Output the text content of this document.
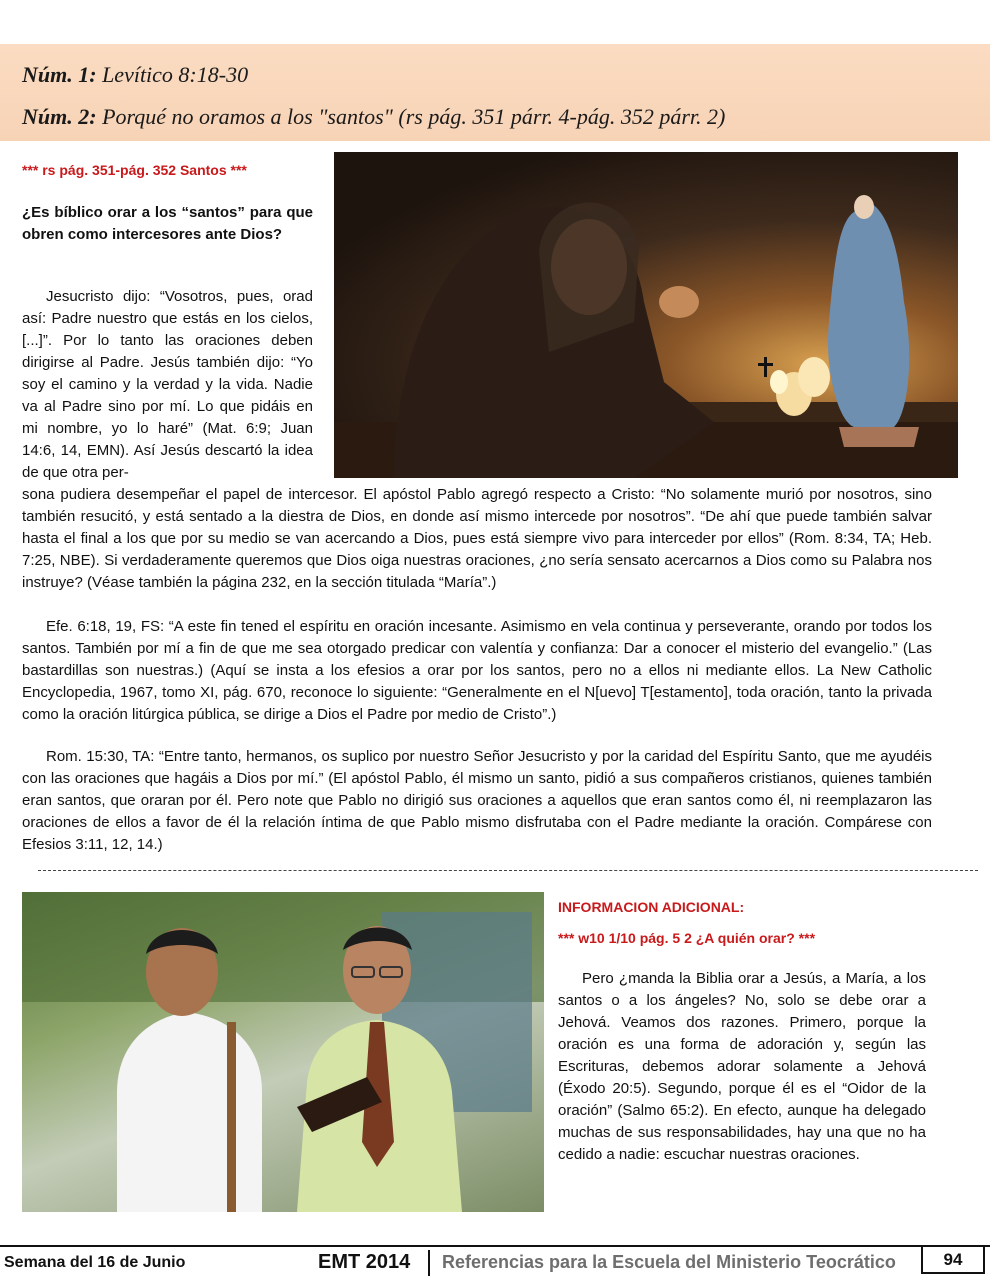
Núm. 1: Levítico 8:18-30
Núm. 2: Porqué no oramos a los "santos" (rs pág. 351 párr. 4-pág. 352 párr. 2)
*** rs pág. 351-pág. 352 Santos ***
¿Es bíblico orar a los “santos” para que obren como intercesores ante Dios?
Jesucristo dijo: “Vosotros, pues, orad así: Padre nuestro que estás en los cielos, [...]”. Por lo tanto las oraciones deben dirigirse al Padre. Jesús también dijo: “Yo soy el camino y la verdad y la vida. Nadie va al Padre sino por mí. Lo que pidáis en mi nombre, yo lo haré” (Mat. 6:9; Juan 14:6, 14, EMN). Así Jesús descartó la idea de que otra per-
sona pudiera desempeñar el papel de intercesor. El apóstol Pablo agregó respecto a Cristo: “No solamente murió por nosotros, sino también resucitó, y está sentado a la diestra de Dios, en donde así mismo intercede por nosotros”. “De ahí que puede también salvar hasta el final a los que por su medio se van acercando a Dios, pues está siempre vivo para interceder por ellos” (Rom. 8:34, TA; Heb. 7:25, NBE). Si verdaderamente queremos que Dios oiga nuestras oraciones, ¿no sería sensato acercarnos a Dios como su Palabra nos instruye? (Véase también la página 232, en la sección titulada “María”.)
Efe. 6:18, 19, FS: “A este fin tened el espíritu en oración incesante. Asimismo en vela continua y perseverante, orando por todos los santos. También por mí a fin de que me sea otorgado predicar con valentía y confianza: Dar a conocer el misterio del evangelio.” (Las bastardillas son nuestras.) (Aquí se insta a los efesios a orar por los santos, pero no a ellos ni mediante ellos. La New Catholic Encyclopedia, 1967, tomo XI, pág. 670, reconoce lo siguiente: “Generalmente en el N[uevo] T[estamento], toda oración, tanto la privada como la oración litúrgica pública, se dirige a Dios el Padre por medio de Cristo”.)
Rom. 15:30, TA: “Entre tanto, hermanos, os suplico por nuestro Señor Jesucristo y por la caridad del Espíritu Santo, que me ayudéis con las oraciones que hagáis a Dios por mí.” (El apóstol Pablo, él mismo un santo, pidió a sus compañeros cristianos, quienes también eran santos, que oraran por él. Pero note que Pablo no dirigió sus oraciones a aquellos que eran santos como él, ni reemplazaron las oraciones de ellos a favor de él la relación íntima de que Pablo mismo disfrutaba con el Padre mediante la oración. Compárese con Efesios 3:11, 12, 14.)
INFORMACION ADICIONAL:
*** w10 1/10 pág. 5 2 ¿A quién orar? ***
Pero ¿manda la Biblia orar a Jesús, a María, a los santos o a los ángeles? No, solo se debe orar a Jehová. Veamos dos razones. Primero, porque la oración es una forma de adoración y, según las Escrituras, debemos adorar solamente a Jehová (Éxodo 20:5). Segundo, porque él es el “Oidor de la oración” (Salmo 65:2). En efecto, aunque ha delegado muchas de sus responsabilidades, hay una que no ha cedido a nadie: escuchar nuestras oraciones.
Semana del 16 de Junio	EMT 2014 Referencias para la Escuela del Ministerio Teocrático	94
